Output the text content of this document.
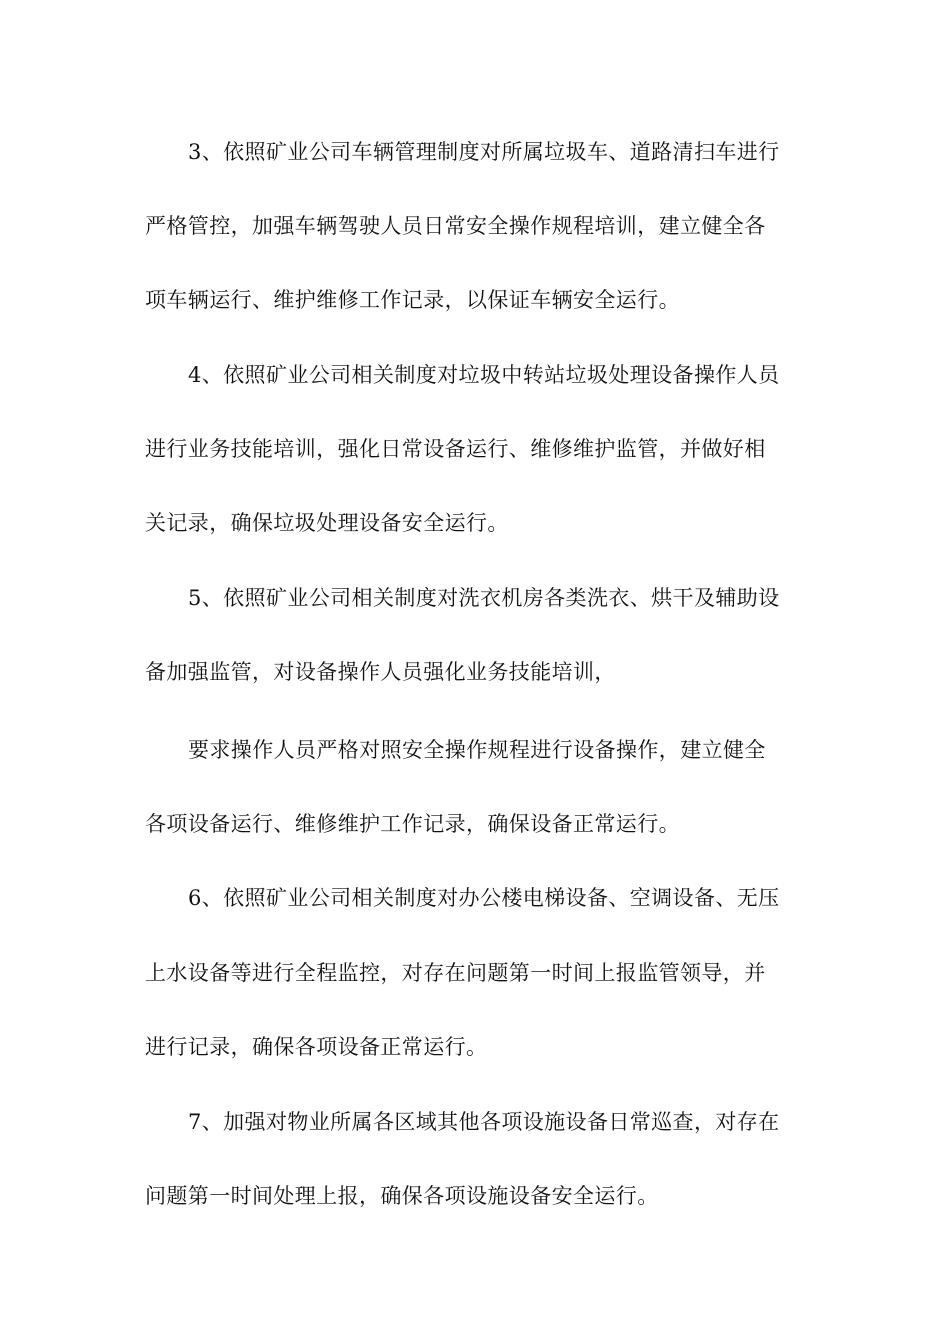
3、依照矿业公司车辆管理制度对所属垃圾车、道路清扫车进行
严格管控，加强车辆驾驶人员日常安全操作规程培训，建立健全各
项车辆运行、维护维修工作记录，以保证车辆安全运行。
4、依照矿业公司相关制度对垃圾中转站垃圾处理设备操作人员
进行业务技能培训，强化日常设备运行、维修维护监管，并做好相
关记录，确保垃圾处理设备安全运行。
5、依照矿业公司相关制度对洗衣机房各类洗衣、烘干及辅助设
备加强监管，对设备操作人员强化业务技能培训，
要求操作人员严格对照安全操作规程进行设备操作，建立健全
各项设备运行、维修维护工作记录，确保设备正常运行。
6、依照矿业公司相关制度对办公楼电梯设备、空调设备、无压
上水设备等进行全程监控，对存在问题第一时间上报监管领导，并
进行记录，确保各项设备正常运行。
7、加强对物业所属各区域其他各项设施设备日常巡查，对存在
问题第一时间处理上报，确保各项设施设备安全运行。
